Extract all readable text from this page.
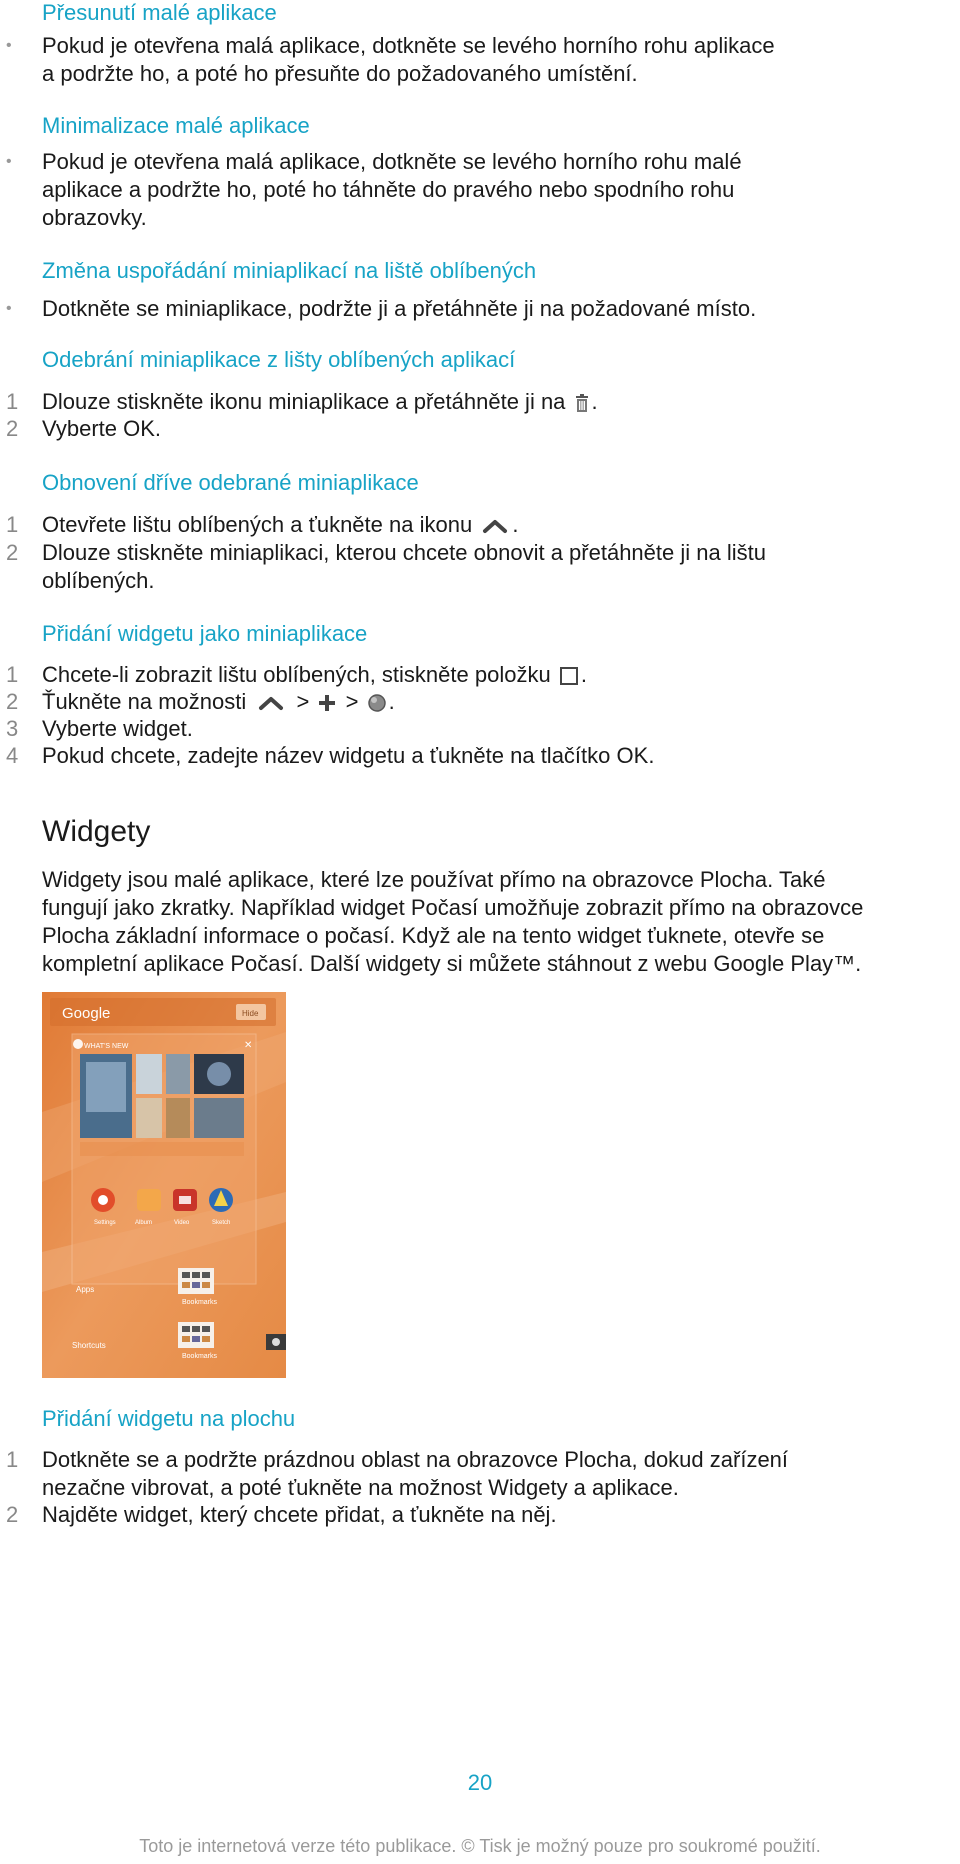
Přesunutí malé aplikace
•	Pokud je otevřena malá aplikace, dotkněte se levého horního rohu aplikace
a podržte ho, a poté ho přesuňte do požadovaného umístění.
Minimalizace malé aplikace
•	Pokud je otevřena malá aplikace, dotkněte se levého horního rohu malé
aplikace a podržte ho, poté ho táhněte do pravého nebo spodního rohu
obrazovky.
Změna uspořádání miniaplikací na liště oblíbených
•	Dotkněte se miniaplikace, podržte ji a přetáhněte ji na požadované místo.
Odebrání miniaplikace z lišty oblíbených aplikací
1	Dlouze stiskněte ikonu miniaplikace a přetáhněte ji na .
2	Vyberte OK.
Obnovení dříve odebrané miniaplikace
1	Otevřete lištu oblíbených a ťukněte na ikonu .
2	Dlouze stiskněte miniaplikaci, kterou chcete obnovit a přetáhněte ji na lištu
oblíbených.
Přidání widgetu jako miniaplikace
1	Chcete-li zobrazit lištu oblíbených, stiskněte položku .
2	Ťukněte na možnosti > > .
3	Vyberte widget.
4	Pokud chcete, zadejte název widgetu a ťukněte na tlačítko OK.
Widgety
Widgety jsou malé aplikace, které lze používat přímo na obrazovce Plocha. Také
fungují jako zkratky. Například widget Počasí umožňuje zobrazit přímo na obrazovce
Plocha základní informace o počasí. Když ale na tento widget ťuknete, otevře se
kompletní aplikace Počasí. Další widgety si můžete stáhnout z webu Google Play™.
Google	Hide
WHAT'S NEW	✕
Settings	Album	Video	Sketch
Apps
Bookmarks
Shortcuts
Bookmarks
Přidání widgetu na plochu
1	Dotkněte se a podržte prázdnou oblast na obrazovce Plocha, dokud zařízení
nezačne vibrovat, a poté ťukněte na možnost Widgety a aplikace.
2	Najděte widget, který chcete přidat, a ťukněte na něj.
20
Toto je internetová verze této publikace. © Tisk je možný pouze pro soukromé použití.
